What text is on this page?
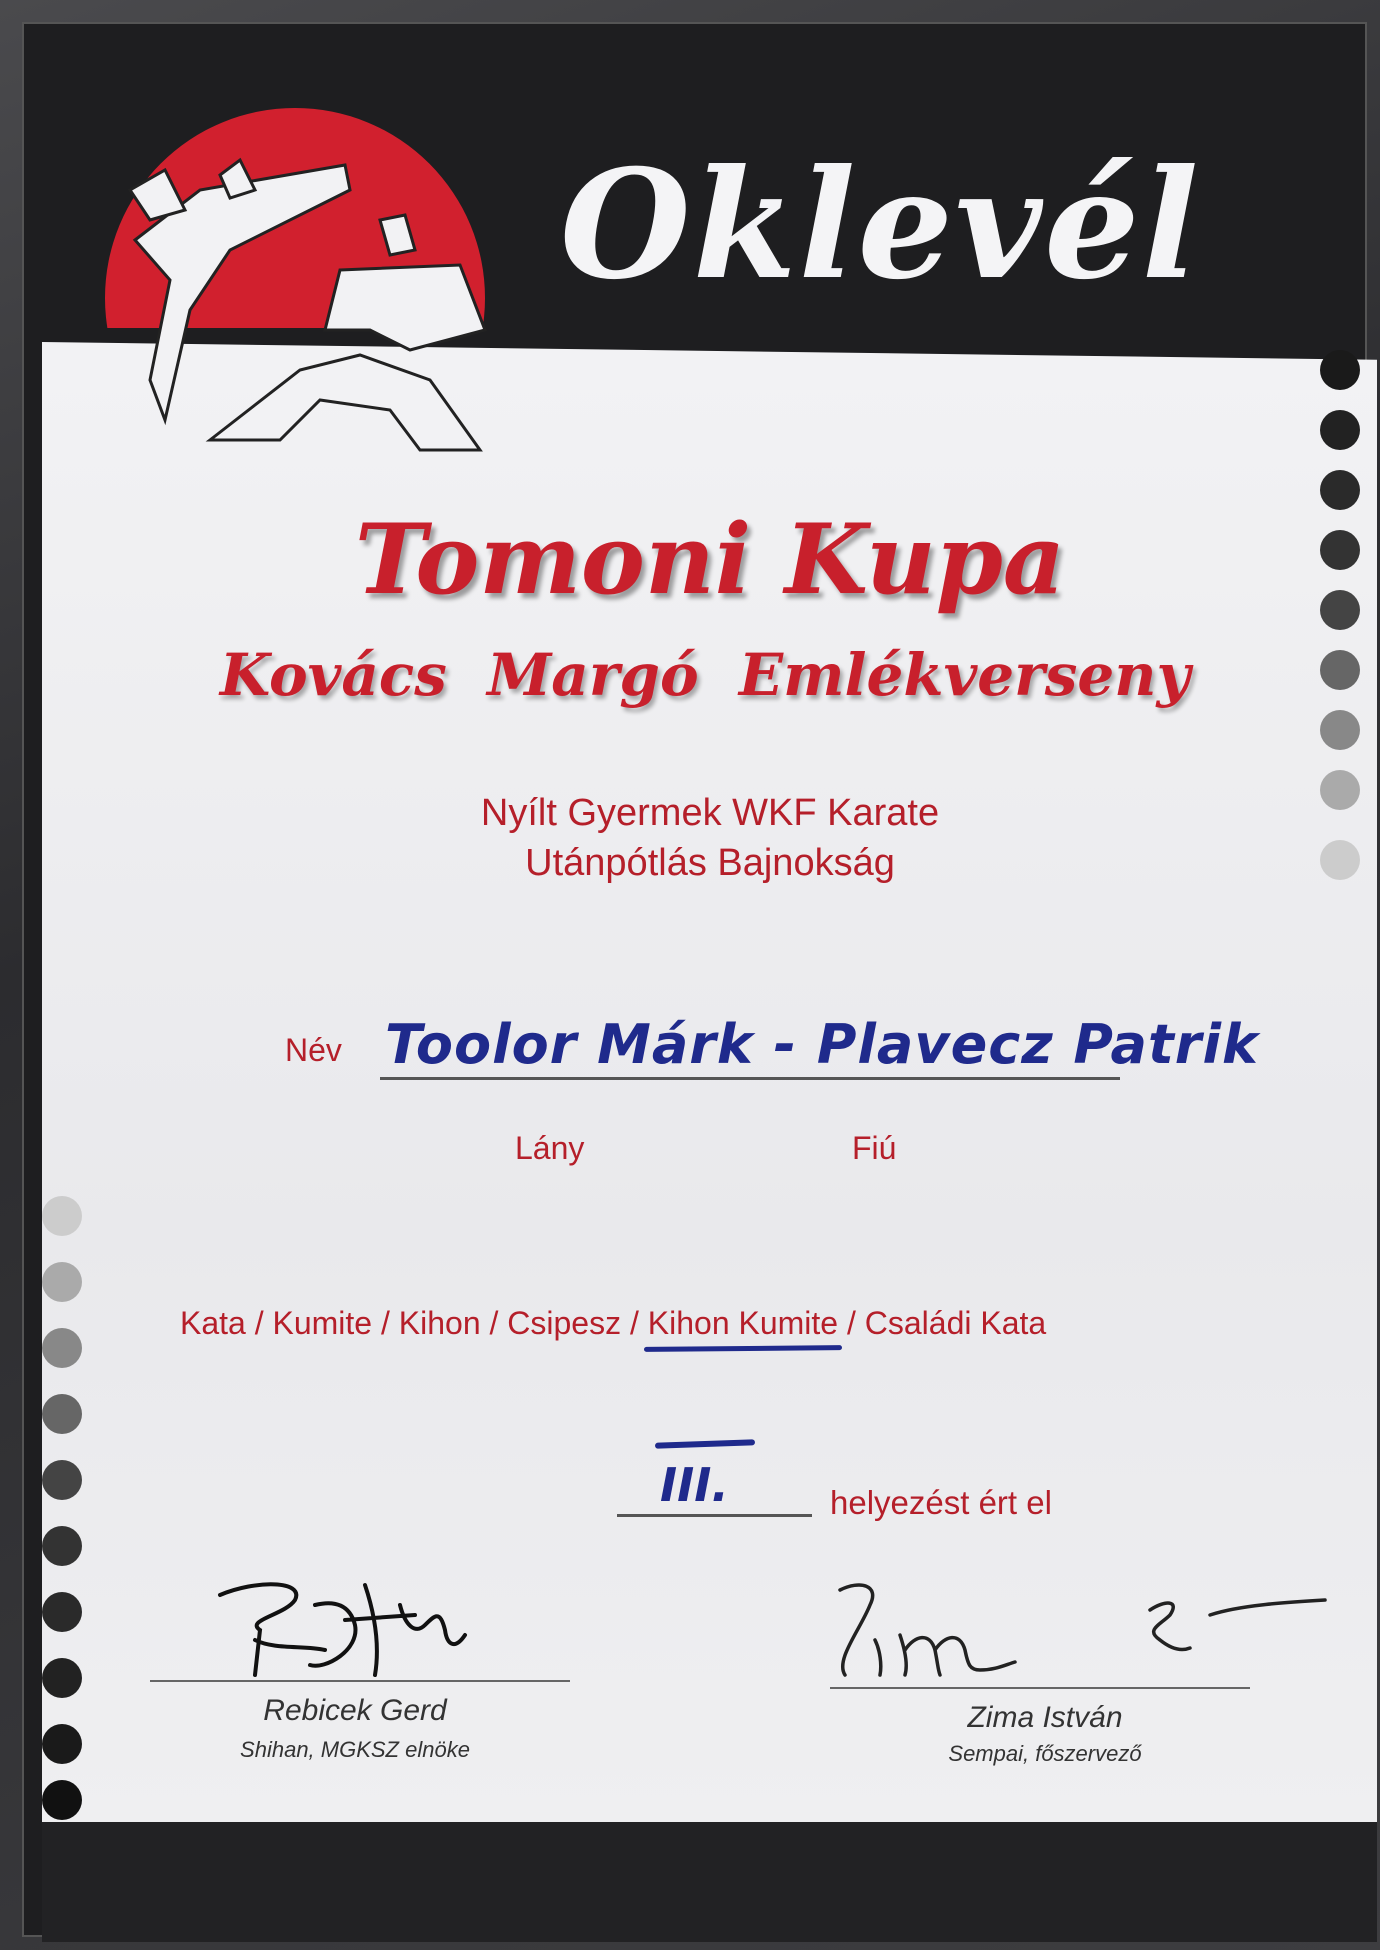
Oklevél
Tomoni Kupa
Kovács Margó Emlékverseny
Nyílt Gyermek WKF Karate
Utánpótlás Bajnokság
Név Toolor Márk - Plavecz Patrik
Lány	Fiú
Kata / Kumite / Kihon / Csipesz / Kihon Kumite / Családi Kata
III.	helyezést ért el
Rebicek Gerd
Shihan, MGKSZ elnöke
Zima István
Sempai, főszervező
